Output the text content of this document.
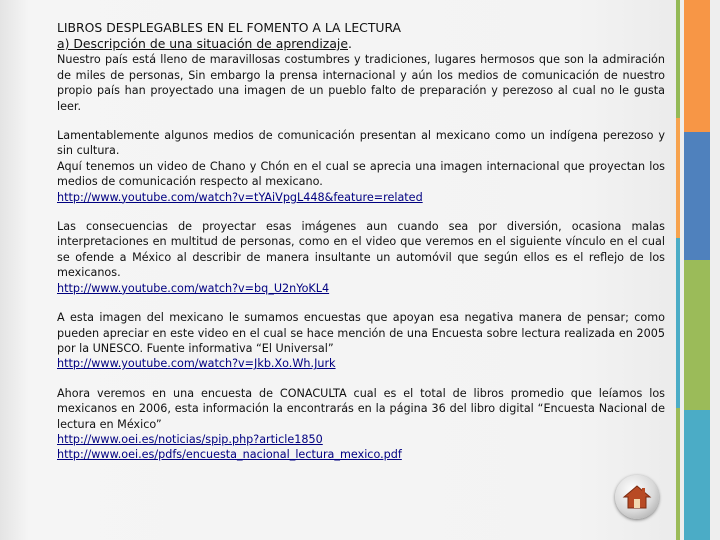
LIBROS DESPLEGABLES EN EL FOMENTO A LA LECTURA
a) Descripción de una situación de aprendizaje.

Nuestro país está lleno de maravillosas costumbres y tradiciones, lugares hermosos que son la admiración de miles de personas, Sin embargo la prensa internacional y aún los medios de comunicación de nuestro propio país han proyectado una imagen de un pueblo falto de preparación y perezoso al cual no le gusta leer.

Lamentablemente algunos medios de comunicación presentan al mexicano como un indígena perezoso y sin cultura.
Aquí tenemos un video de Chano y Chón en el cual se aprecia una imagen internacional que proyectan los medios de comunicación respecto al mexicano.

http://www.youtube.com/watch?v=tYAiVpgL448&feature=related

Las consecuencias de proyectar esas imágenes aun cuando sea por diversión, ocasiona malas interpretaciones en multitud de personas, como en el video que veremos en el siguiente vínculo en el cual se ofende a México al describir de manera insultante un automóvil que según ellos es el reflejo de los mexicanos.

http://www.youtube.com/watch?v=bq_U2nYoKL4

A esta imagen del mexicano le sumamos encuestas que apoyan esa negativa manera de pensar; como pueden apreciar en este video en el cual se hace mención de una Encuesta sobre lectura realizada en 2005 por la UNESCO. Fuente informativa “El Universal”

http://www.youtube.com/watch?v=Jkb.Xo.Wh.Jurk

Ahora veremos en una encuesta de CONACULTA cual es el total de libros promedio que leíamos los mexicanos en 2006, esta información la encontrarás en la página 36 del libro digital “Encuesta Nacional de lectura en México”

http://www.oei.es/noticias/spip.php?article1850
http://www.oei.es/pdfs/encuesta_nacional_lectura_mexico.pdf
